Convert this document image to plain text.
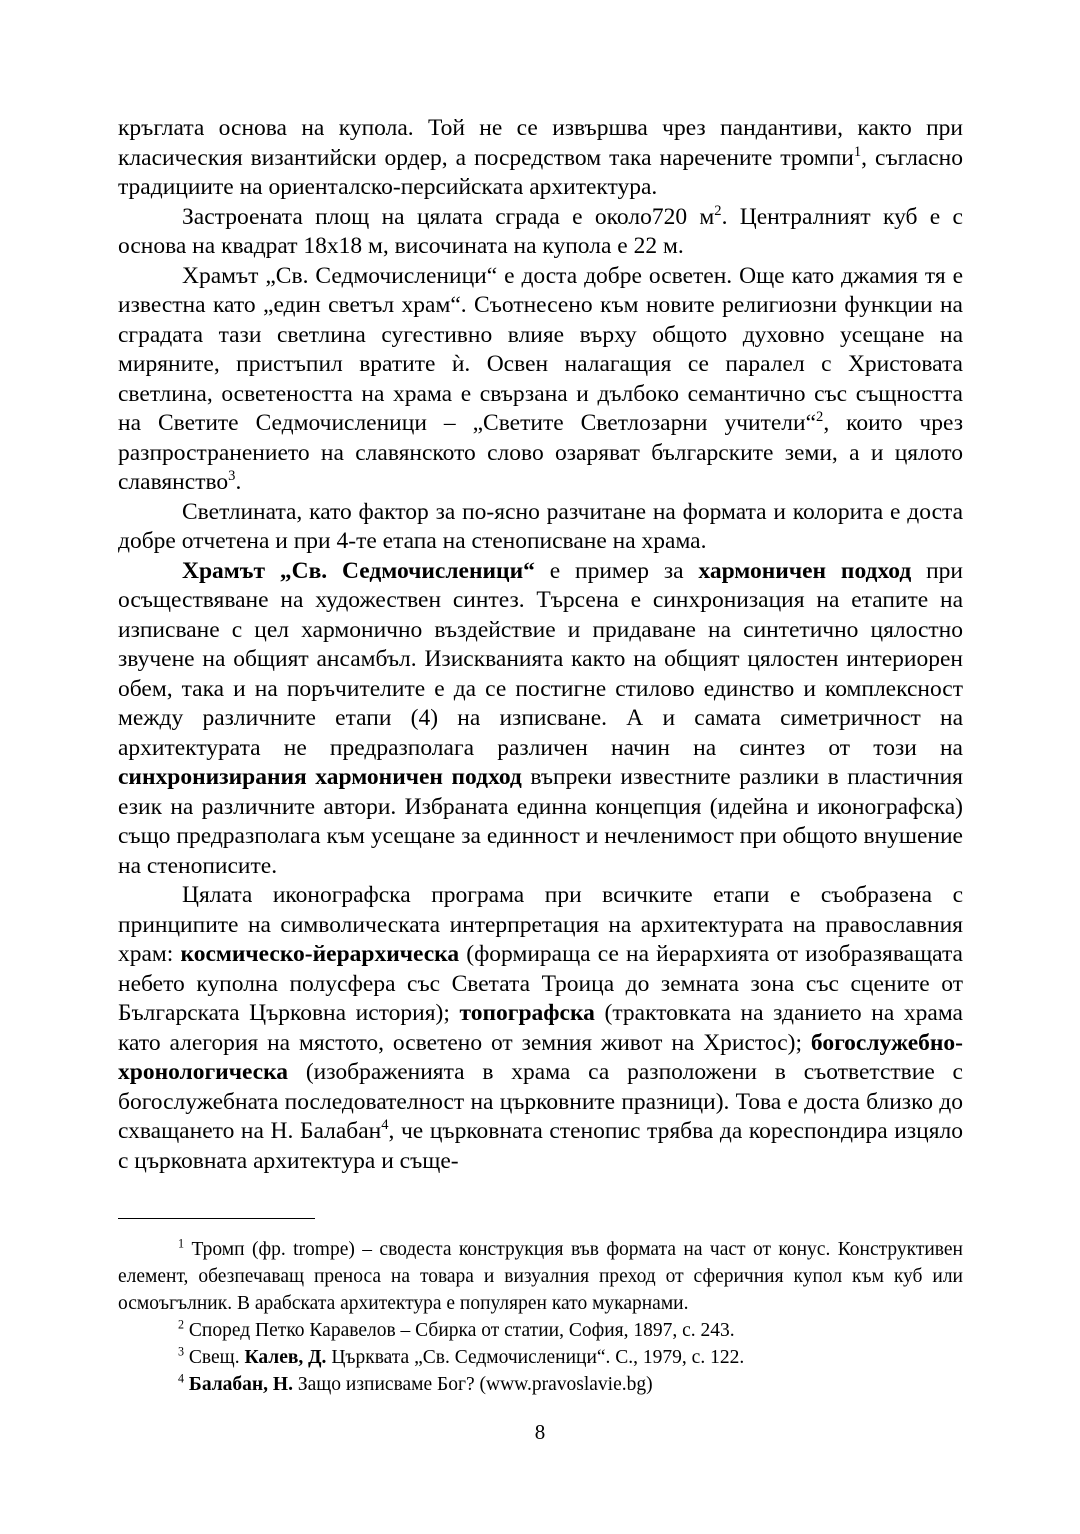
кръглата основа на купола. Той не се извършва чрез пандантиви, както при класическия византийски ордер, а посредством така наречените тромпи$^1$, съгласно традициите на ориенталско-персийската архитектура.

Застроената площ на цялата сграда е около720 $м^2$. Централният куб е с основа на квадрат 18х18 м, височината на купола е 22 м.

Храмът „Св. Седмочисленици“ е доста добре осветен. Още като джамия тя е известна като „един светъл храм“. Съотнесено към новите религиозни функции на сградата тази светлина сугестивно влияе върху общото духовно усещане на миряните, пристъпил вратите ѝ. Освен налагащия се паралел с Христовата светлина, осветеността на храма е свързана и дълбоко семантично със същността на Светите Седмочисленици – „Светите Светлозарни учители“$^2$, които чрез разпространението на славянското слово озаряват българските земи, а и цялото славянство$^3$.

Светлината, като фактор за по-ясно разчитане на формата и колорита е доста добре отчетена и при 4-те етапа на стенописване на храма.

Храмът „Св. Седмочисленици“ е пример за хармоничен подход при осъществяване на художествен синтез. Търсена е синхронизация на етапите на изписване с цел хармонично въздействие и придаване на синтетично цялостно звучене на общият ансамбъл. Изискванията както на общият цялостен интериорен обем, така и на поръчителите е да се постигне стилово единство и комплексност между различните етапи (4) на изписване. А и самата симетричност на архитектурата не предразполага различен начин на синтез от този на синхронизирания хармоничен подход въпреки известните разлики в пластичния език на различните автори. Избраната единна концепция (идейна и иконографска) също предразполага към усещане за единност и нечленимост при общото внушение на стенописите.

Цялата иконографска програма при всичките етапи е съобразена с принципите на символическата интерпретация на архитектурата на православния храм: космическо-йерархическа (формираща се на йерархията от изобразяващата небето куполна полусфера със Светата Троица до земната зона със сцените от Българската Църковна история); топографска (трактовката на зданието на храма като алегория на мястото, осветено от земния живот на Христос); богослужебно-хронологическа (изображенията в храма са разположени в съответствие с богослужебната последователност на църковните празници). Това е доста близко до схващането на Н. Балабан$^4$, че църковната стенопис трябва да кореспондира изцяло с църковната архитектура и съще-

$^1$ Тромп (фр. trompe) – сводеста конструкция във формата на част от конус. Конструктивен елемент, обезпечаващ преноса на товара и визуалния преход от сферичния купол към куб или осмоъгълник. В арабската архитектура е популярен като мукарнами.

$^2$ Според Петко Каравелов – Сбирка от статии, София, 1897, с. 243.

$^3$ Свещ. Калев, Д. Църквата „Св. Седмочисленици“. С., 1979, с. 122.

$^4$ Балабан, Н. Защо изписваме Бог? (www.pravoslavie.bg)

8
